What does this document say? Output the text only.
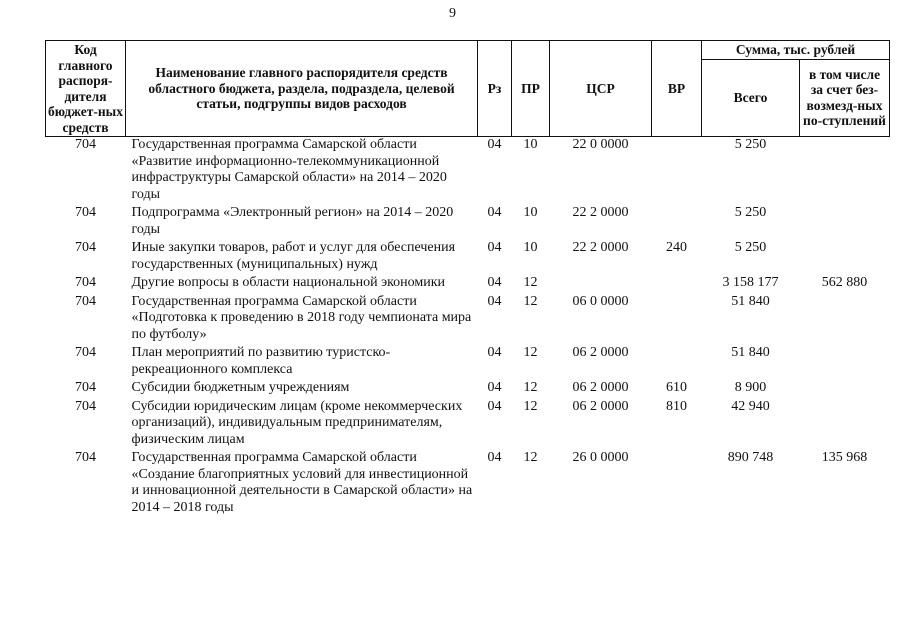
9
Код главного распоря-дителя бюджет-ных средств	Наименование главного распорядителя средств областного бюджета, раздела, подраздела, целевой статьи, подгруппы видов расходов	Рз	ПР	ЦСР	ВР	Сумма, тыс. рублей	
						Всего	в том числе за счет без-возмезд-ных по-ступлений
704	Государственная программа Самарской области «Развитие информационно-телекоммуникационной инфраструктуры Самарской области» на 2014 – 2020 годы	04	10	22 0 0000		5 250	
704	Подпрограмма «Электронный регион» на 2014 – 2020 годы	04	10	22 2 0000		5 250	
704	Иные закупки товаров, работ и услуг для обеспечения государственных (муниципальных) нужд	04	10	22 2 0000	240	5 250	
704	Другие вопросы в области национальной экономики	04	12			3 158 177	562 880
704	Государственная программа Самарской области «Подготовка к проведению в 2018 году чемпионата мира по футболу»	04	12	06 0 0000		51 840	
704	План мероприятий по развитию туристско-рекреационного комплекса	04	12	06 2 0000		51 840	
704	Субсидии бюджетным учреждениям	04	12	06 2 0000	610	8 900	
704	Субсидии юридическим лицам (кроме некоммерческих организаций), индивидуальным предпринимателям, физическим лицам	04	12	06 2 0000	810	42 940	
704	Государственная программа Самарской области «Создание благоприятных условий для инвестиционной и инновационной деятельности в Самарской области» на 2014 – 2018 годы	04	12	26 0 0000		890 748	135 968
